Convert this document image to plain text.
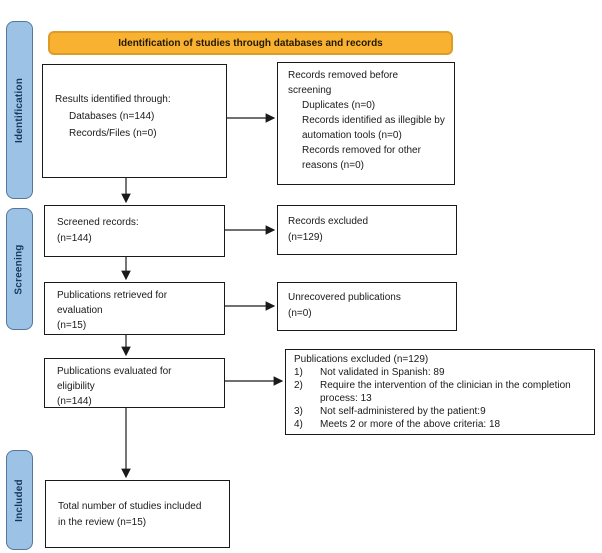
Identification of studies through databases and records
Identification
Screening
Included
Results identified through:
Databases (n=144)
Records/Files (n=0)
Records removed before
screening
Duplicates (n=0)
Records identified as illegible by automation tools (n=0)
Records removed for other reasons (n=0)
Screened records:
(n=144)
Records excluded
(n=129)
Publications retrieved for
evaluation
(n=15)
Unrecovered publications
(n=0)
Publications evaluated for
eligibility
(n=144)
Publications excluded (n=129)
1)	Not validated in Spanish: 89
2)	Require the intervention of the clinician in the completion process: 13
3)	Not self-administered by the patient:9
4)	Meets 2 or more of the above criteria: 18
Total number of studies included
in the review (n=15)
